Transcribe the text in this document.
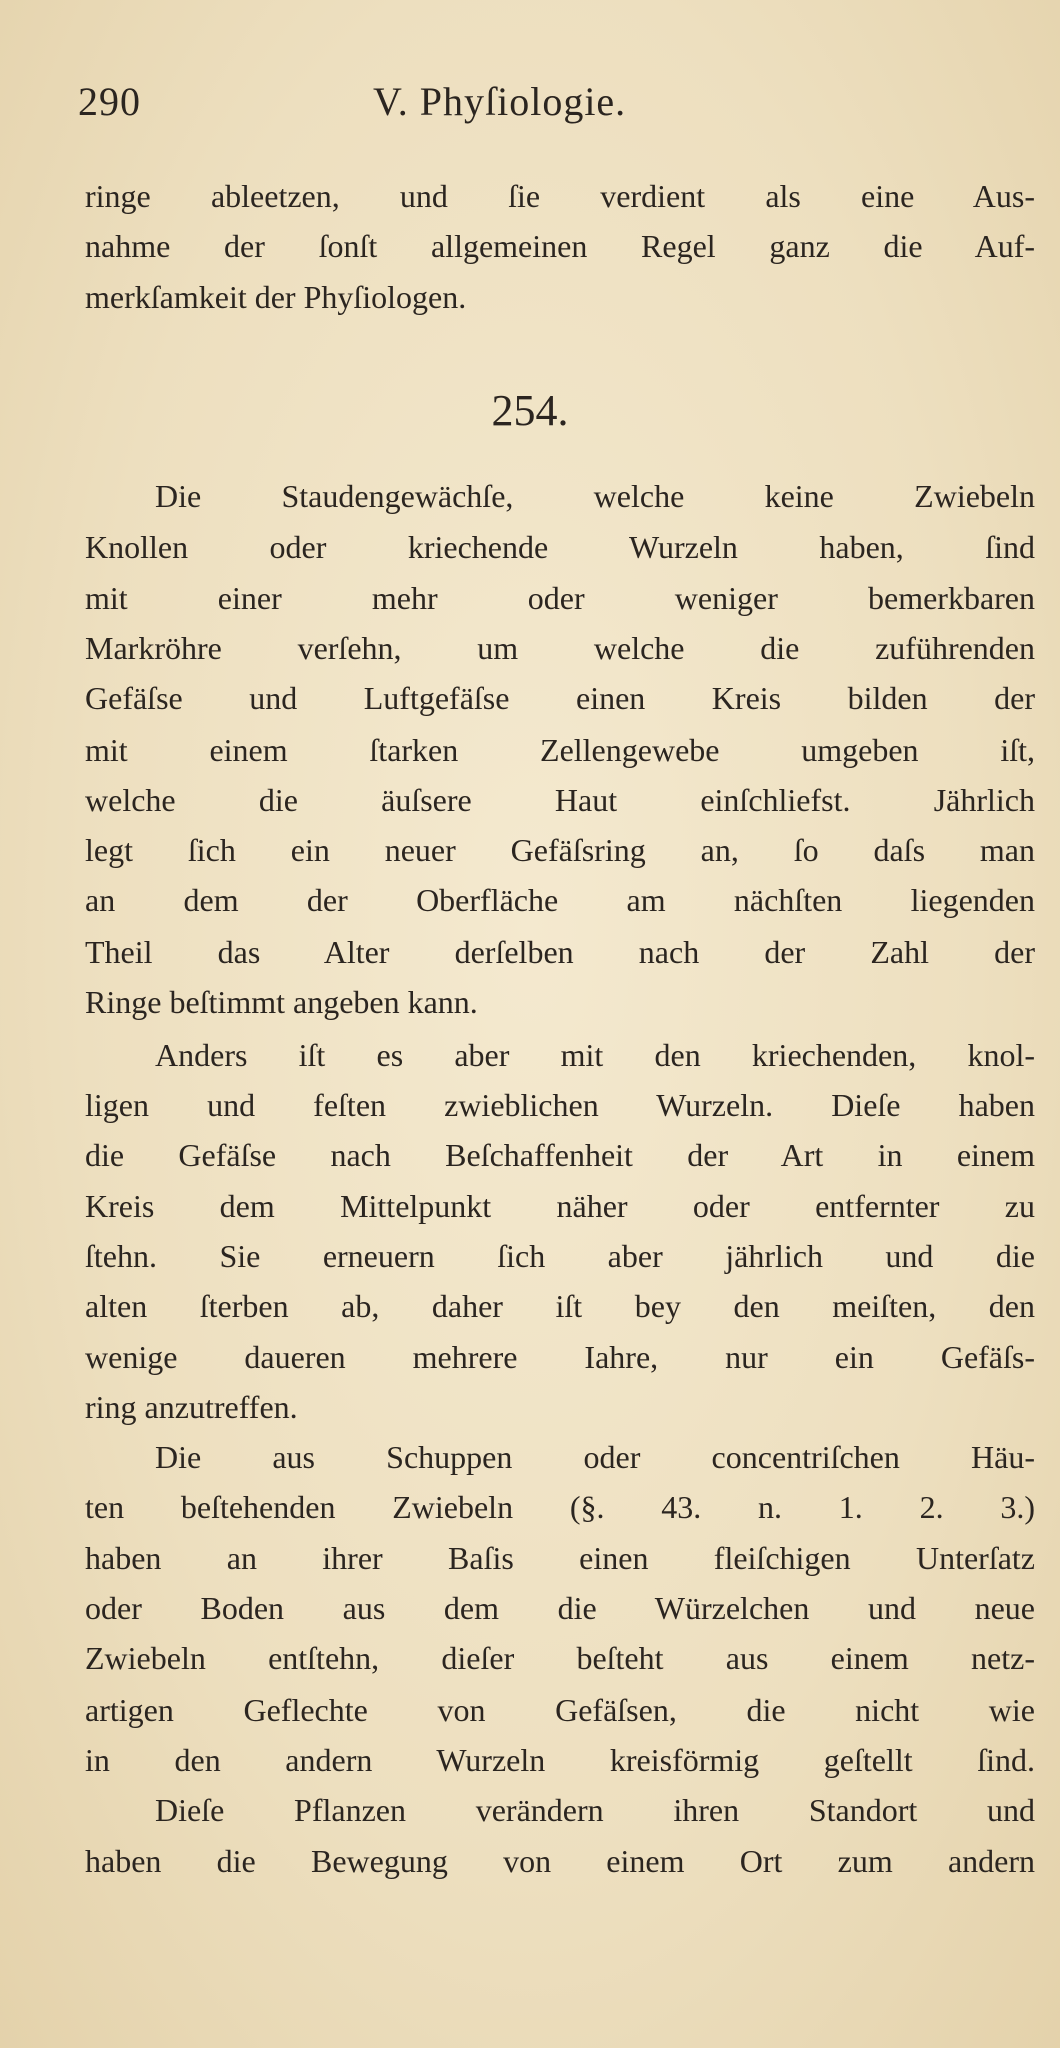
290	V. Phyſiologie.
254.
ringe ableetzen, und ſie verdient als eine Aus-
nahme der ſonſt allgemeinen Regel ganz die Auf-
merkſamkeit der Phyſiologen.
Die Staudengewächſe, welche keine Zwiebeln
Knollen oder kriechende Wurzeln haben, ſind
mit einer mehr oder weniger bemerkbaren
Markröhre verſehn, um welche die zuführenden
Gefäſse und Luftgefäſse einen Kreis bilden der
mit einem ſtarken Zellengewebe umgeben iſt,
welche die äuſsere Haut einſchliefst. Jährlich
legt ſich ein neuer Gefäſsring an, ſo daſs man
an dem der Oberfläche am nächſten liegenden
Theil das Alter derſelben nach der Zahl der
Ringe beſtimmt angeben kann.
Anders iſt es aber mit den kriechenden, knol-
ligen und feſten zwieblichen Wurzeln. Dieſe haben
die Gefäſse nach Beſchaffenheit der Art in einem
Kreis dem Mittelpunkt näher oder entfernter zu
ſtehn. Sie erneuern ſich aber jährlich und die
alten ſterben ab, daher iſt bey den meiſten, den
wenige daueren mehrere Iahre, nur ein Gefäſs-
ring anzutreffen.
Die aus Schuppen oder concentriſchen Häu-
ten beſtehenden Zwiebeln (§. 43. n. 1. 2. 3.)
haben an ihrer Baſis einen fleiſchigen Unterſatz
oder Boden aus dem die Würzelchen und neue
Zwiebeln entſtehn, dieſer beſteht aus einem netz-
artigen Geflechte von Gefäſsen, die nicht wie
in den andern Wurzeln kreisförmig geſtellt ſind.
Dieſe Pflanzen verändern ihren Standort und
haben die Bewegung von einem Ort zum andern
